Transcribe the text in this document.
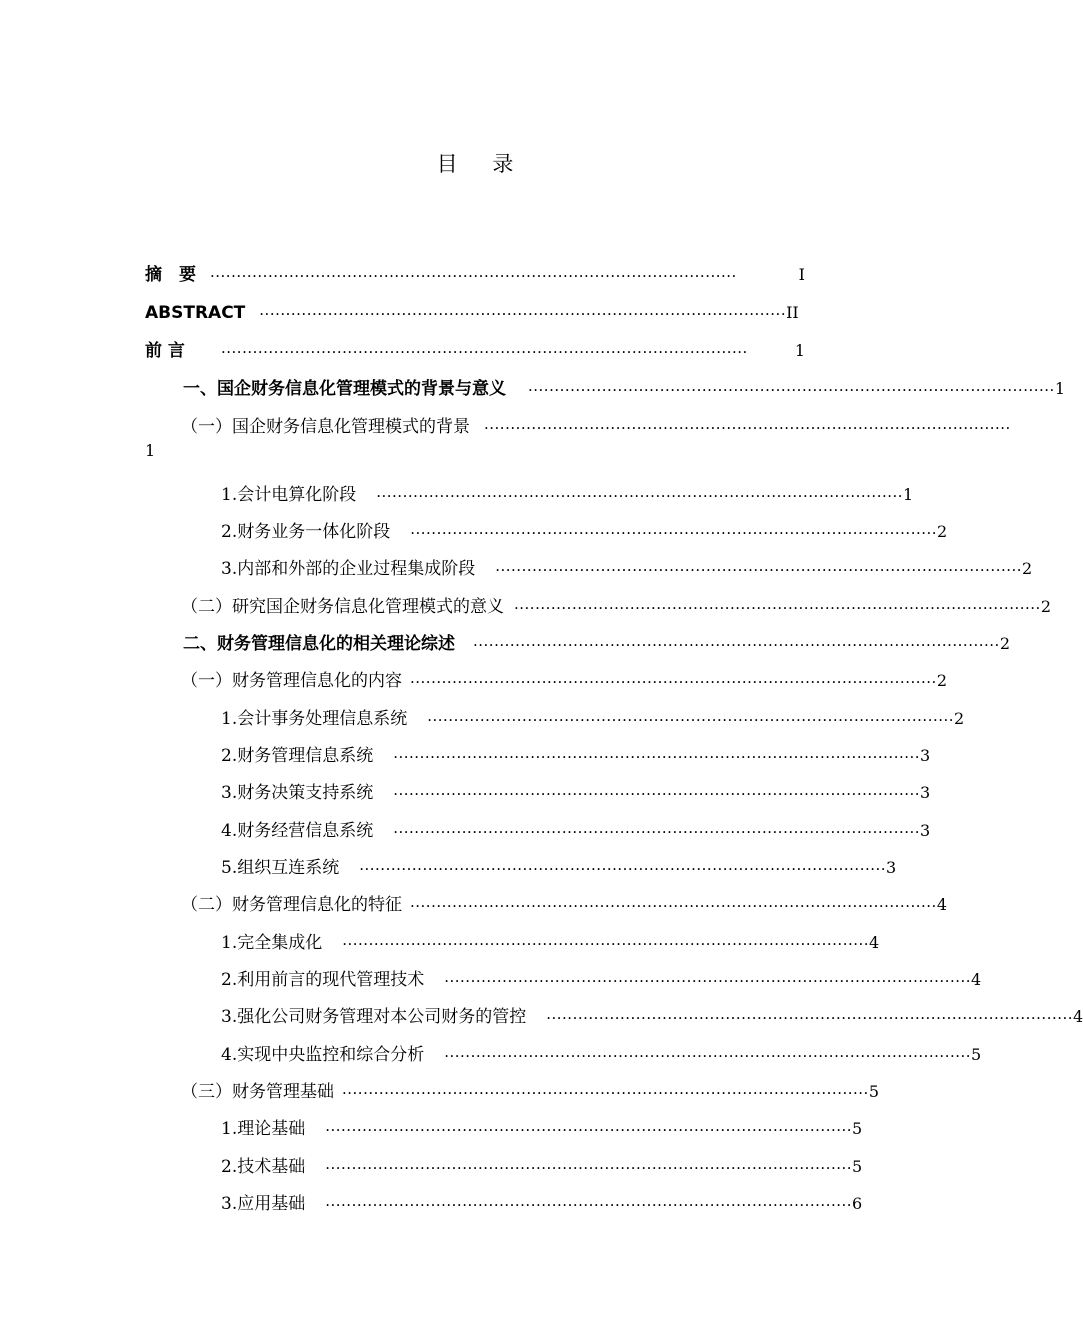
目 录
摘　要 ····································································································	I
ABSTRACT ···································································································· II
前 言	····································································································	1
一、国企财务信息化管理模式的背景与意义 ···································································································· 1
（一）国企财务信息化管理模式的背景 ····································································································
1
1.会计电算化阶段 ···································································································· 1
2.财务业务一体化阶段 ···································································································· 2
3.内部和外部的企业过程集成阶段 ···································································································· 2
（二）研究国企财务信息化管理模式的意义 ···································································································· 2
二、财务管理信息化的相关理论综述 ···································································································· 2
（一）财务管理信息化的内容 ···································································································· 2
1.会计事务处理信息系统 ···································································································· 2
2.财务管理信息系统 ···································································································· 3
3.财务决策支持系统 ···································································································· 3
4.财务经营信息系统 ···································································································· 3
5.组织互连系统 ···································································································· 3
（二）财务管理信息化的特征 ···································································································· 4
1.完全集成化 ···································································································· 4
2.利用前言的现代管理技术 ···································································································· 4
3.强化公司财务管理对本公司财务的管控 ···································································································· 4
4.实现中央监控和综合分析 ···································································································· 5
（三）财务管理基础 ···································································································· 5
1.理论基础 ···································································································· 5
2.技术基础 ···································································································· 5
3.应用基础 ···································································································· 6
